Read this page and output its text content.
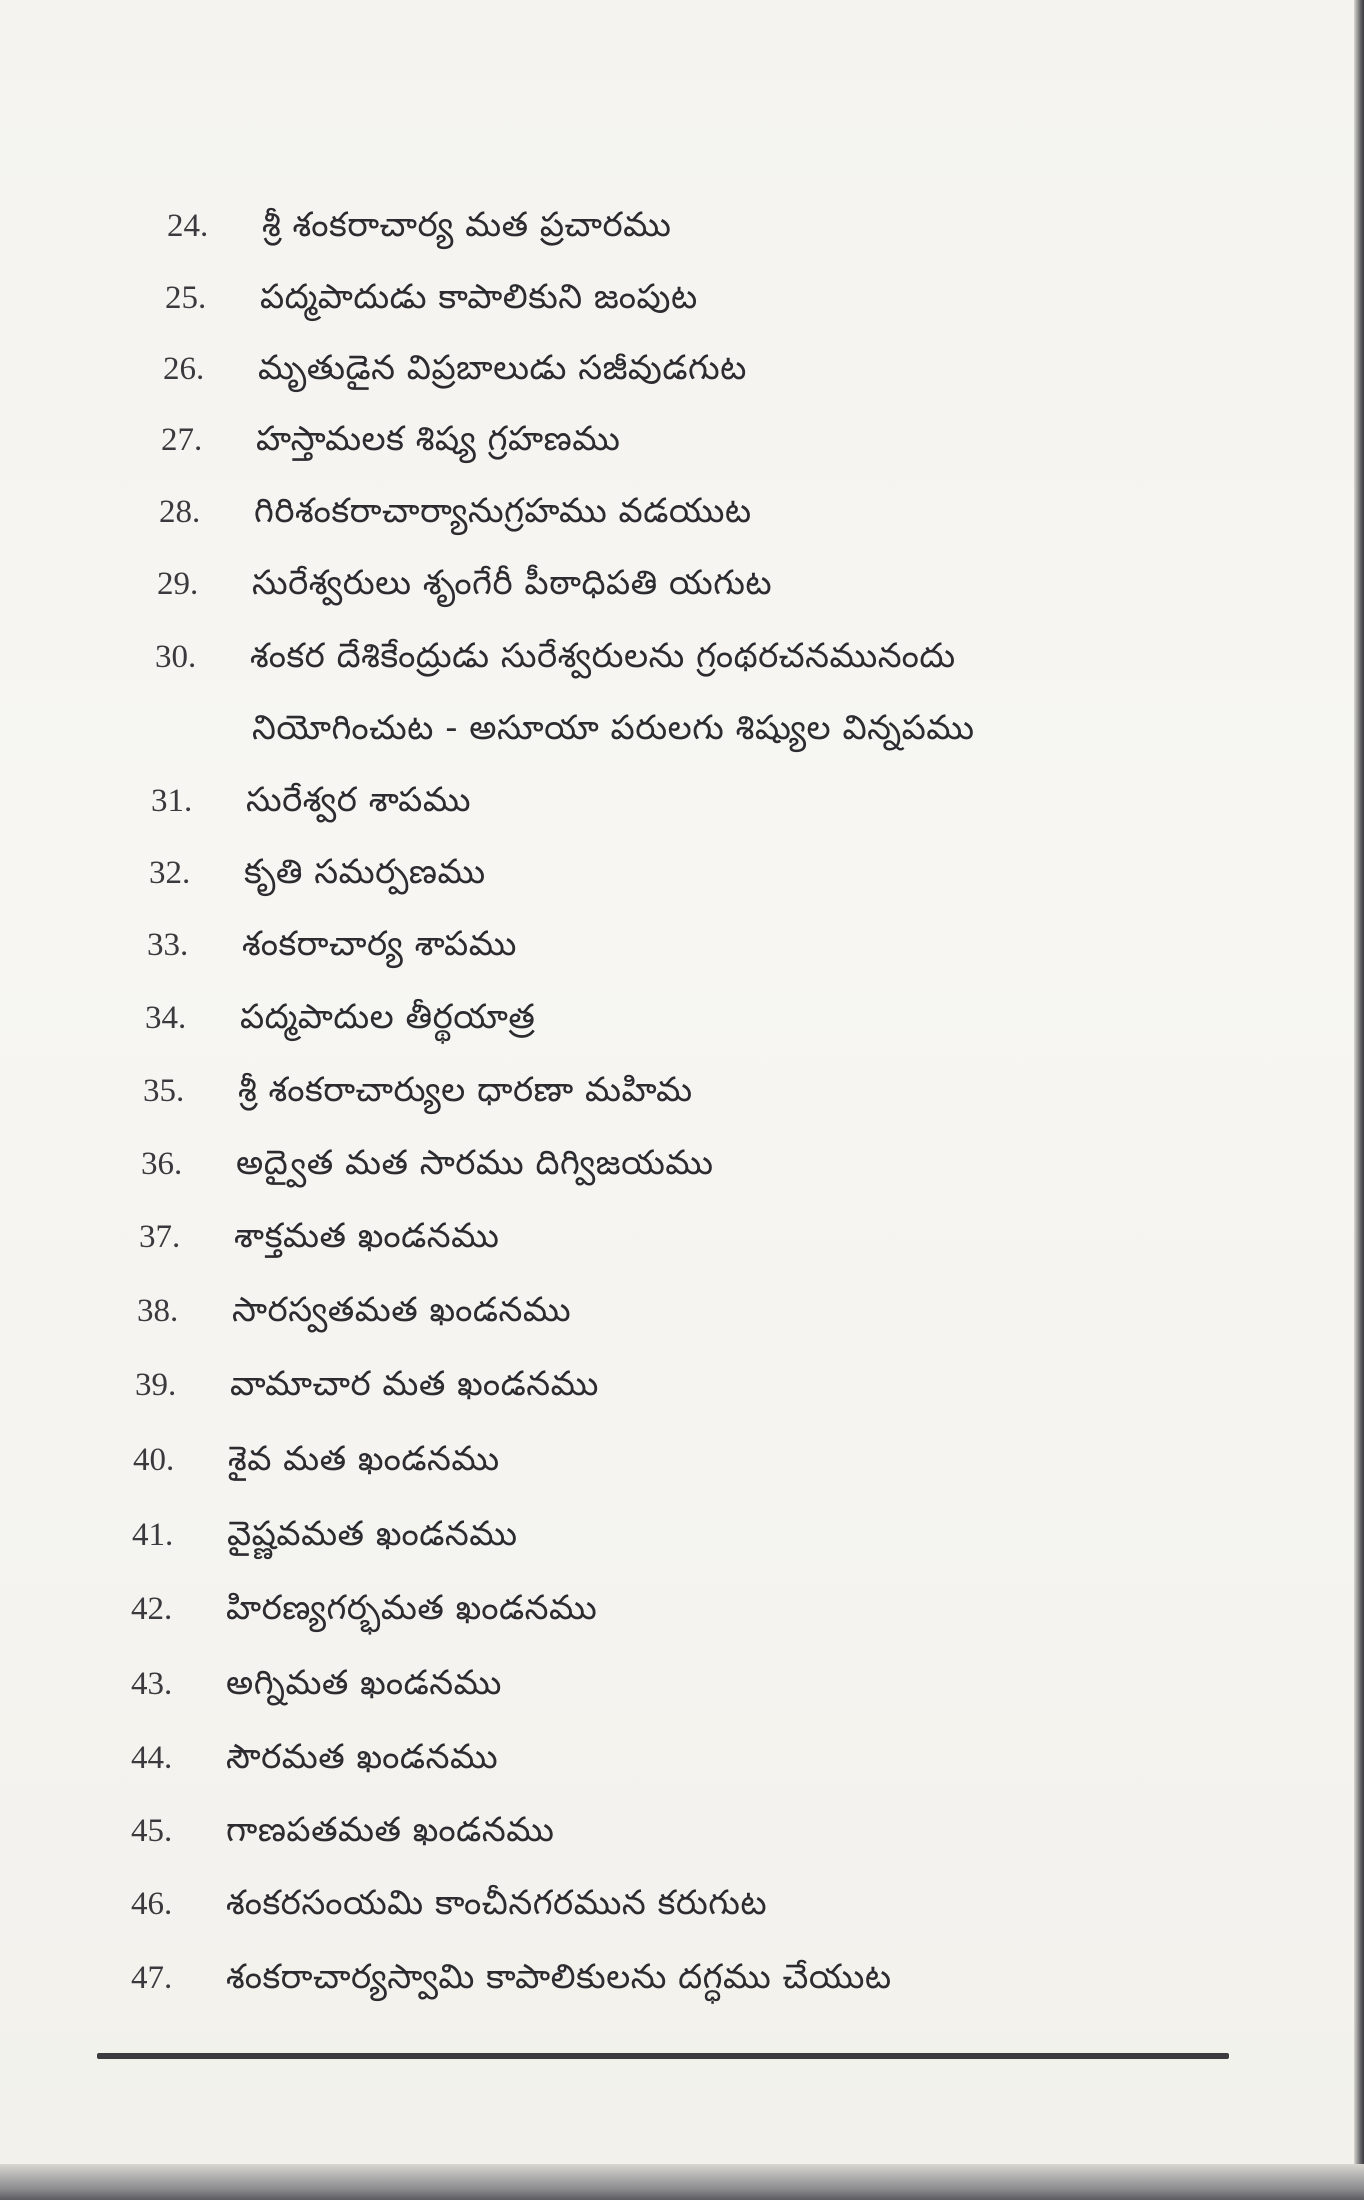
24.	శ్రీ శంకరాచార్య మత ప్రచారము
25.	పద్మపాదుడు కాపాలికుని జంపుట
26.	మృతుడైన విప్రబాలుడు సజీవుడగుట
27.	హస్తామలక శిష్య గ్రహణము
28.	గిరిశంకరాచార్యానుగ్రహము వడయుట
29.	సురేశ్వరులు శృంగేరీ పీఠాధిపతి యగుట
30.	శంకర దేశికేంద్రుడు సురేశ్వరులను గ్రంథరచనమునందు
నియోగించుట - అసూయా పరులగు శిష్యుల విన్నపము
31.	సురేశ్వర శాపము
32.	కృతి సమర్పణము
33.	శంకరాచార్య శాపము
34.	పద్మపాదుల తీర్థయాత్ర
35.	శ్రీ శంకరాచార్యుల ధారణా మహిమ
36.	అద్వైత మత సారము దిగ్విజయము
37.	శాక్తమత ఖండనము
38.	సారస్వతమత ఖండనము
39.	వామాచార మత ఖండనము
40.	శైవ మత ఖండనము
41.	వైష్ణవమత ఖండనము
42.	హిరణ్యగర్భమత ఖండనము
43.	అగ్నిమత ఖండనము
44.	సౌరమత ఖండనము
45.	గాణపతమత ఖండనము
46.	శంకరసంయమి కాంచీనగరమున కరుగుట
47.	శంకరాచార్యస్వామి కాపాలికులను దగ్ధము చేయుట
